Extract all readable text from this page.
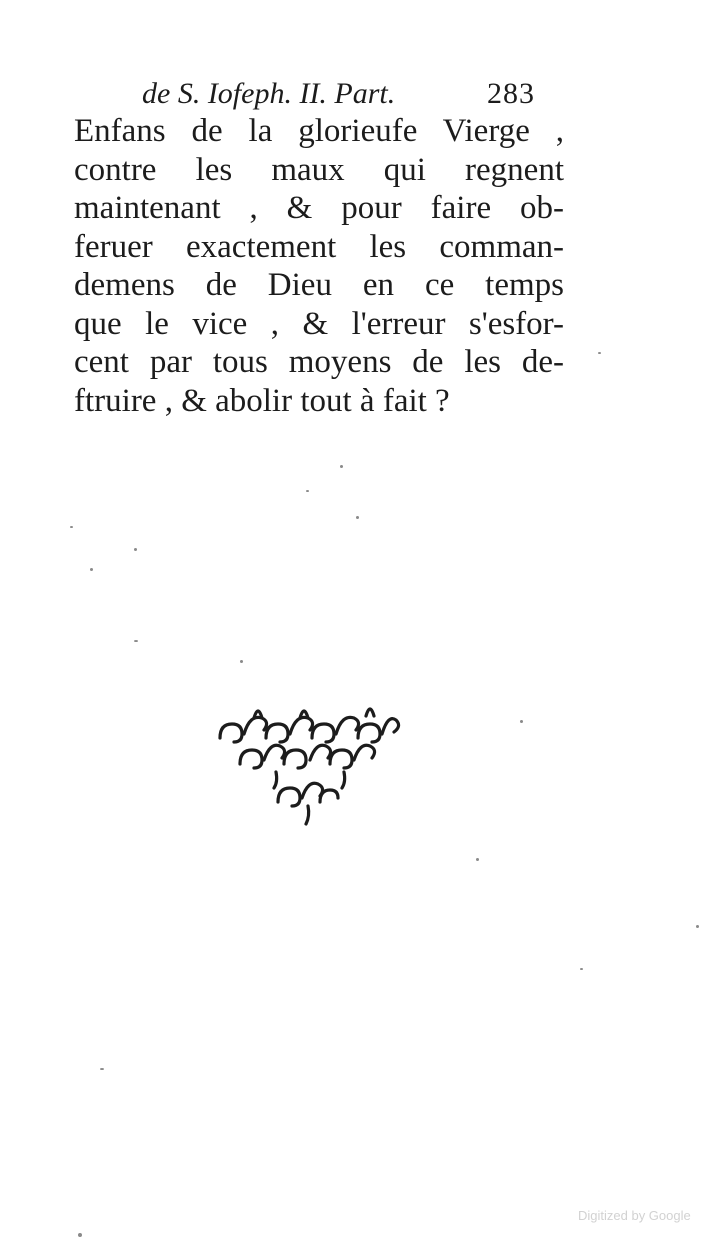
de S. Iofeph. II. Part.	283
Enfans de la glorieufe Vierge ,
contre les maux qui regnent
maintenant , & pour faire ob-
feruer exactement les comman-
demens de Dieu en ce temps
que le vice , & l'erreur s'esfor-
cent par tous moyens de les de-
ftruire , & abolir tout à fait ?
Digitized by Google
